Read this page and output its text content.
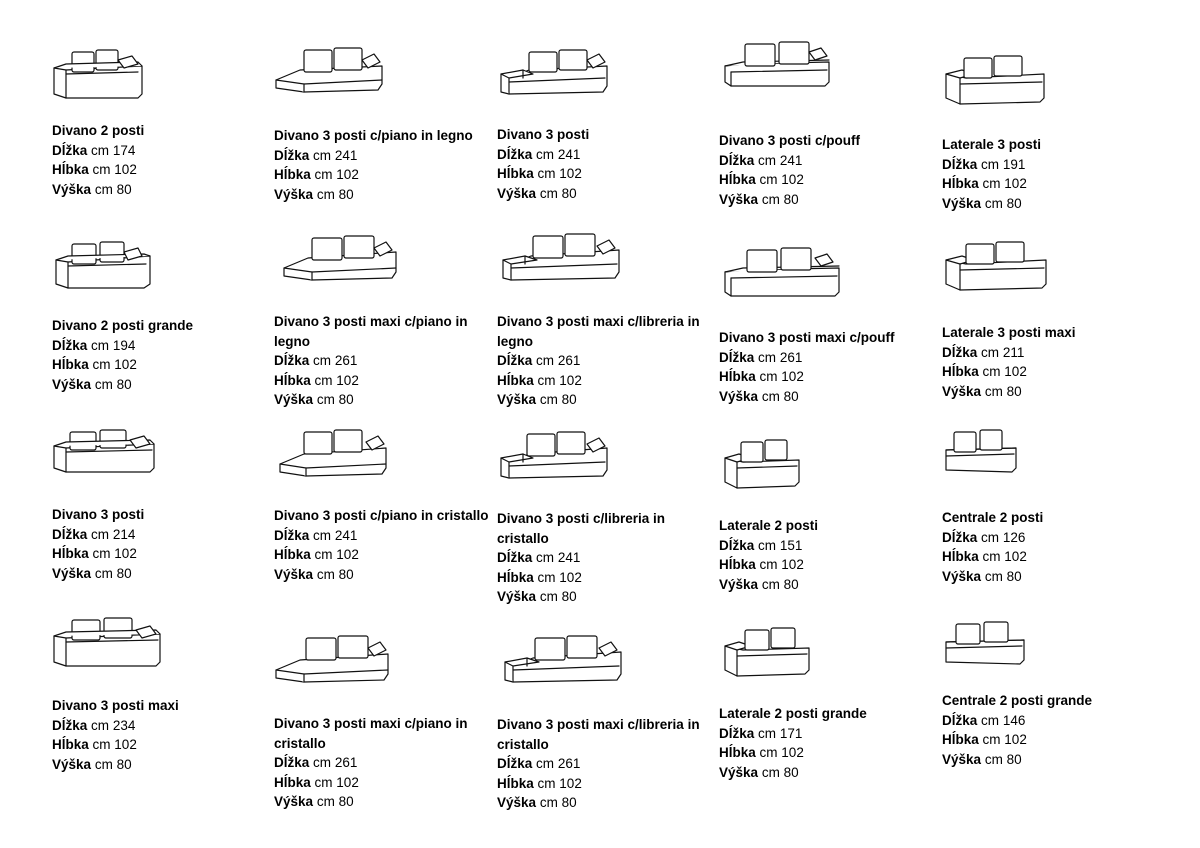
Divano 2 posti
Dĺžka cm 174
Hĺbka cm 102
Výška cm 80
Divano 2 posti grande
Dĺžka cm 194
Hĺbka cm 102
Výška cm 80
Divano 3 posti
Dĺžka cm 214
Hĺbka cm 102
Výška cm 80
Divano 3 posti maxi
Dĺžka cm 234
Hĺbka cm 102
Výška cm 80
Divano 3 posti c/piano in legno
Dĺžka cm 241
Hĺbka cm 102
Výška cm 80
Divano 3 posti maxi c/piano in legno
Dĺžka cm 261
Hĺbka cm 102
Výška cm 80
Divano 3 posti c/piano in cristallo
Dĺžka cm 241
Hĺbka cm 102
Výška cm 80
Divano 3 posti maxi c/piano in cristallo
Dĺžka cm 261
Hĺbka cm 102
Výška cm 80
Divano 3 posti
Dĺžka cm 241
Hĺbka cm 102
Výška cm 80
Divano 3 posti maxi c/libreria in legno
Dĺžka cm 261
Hĺbka cm 102
Výška cm 80
Divano 3 posti c/libreria in cristallo
Dĺžka cm 241
Hĺbka cm 102
Výška cm 80
Divano 3 posti maxi c/libreria in cristallo
Dĺžka cm 261
Hĺbka cm 102
Výška cm 80
Divano 3 posti c/pouff
Dĺžka cm 241
Hĺbka cm 102
Výška cm 80
Divano 3 posti maxi c/pouff
Dĺžka cm 261
Hĺbka cm 102
Výška cm 80
Laterale 2 posti
Dĺžka cm 151
Hĺbka cm 102
Výška cm 80
Laterale 2 posti grande
Dĺžka cm 171
Hĺbka cm 102
Výška cm 80
Laterale 3 posti
Dĺžka cm 191
Hĺbka cm 102
Výška cm 80
Laterale 3 posti maxi
Dĺžka cm 211
Hĺbka cm 102
Výška cm 80
Centrale 2 posti
Dĺžka cm 126
Hĺbka cm 102
Výška cm 80
Centrale 2 posti grande
Dĺžka cm 146
Hĺbka cm 102
Výška cm 80
